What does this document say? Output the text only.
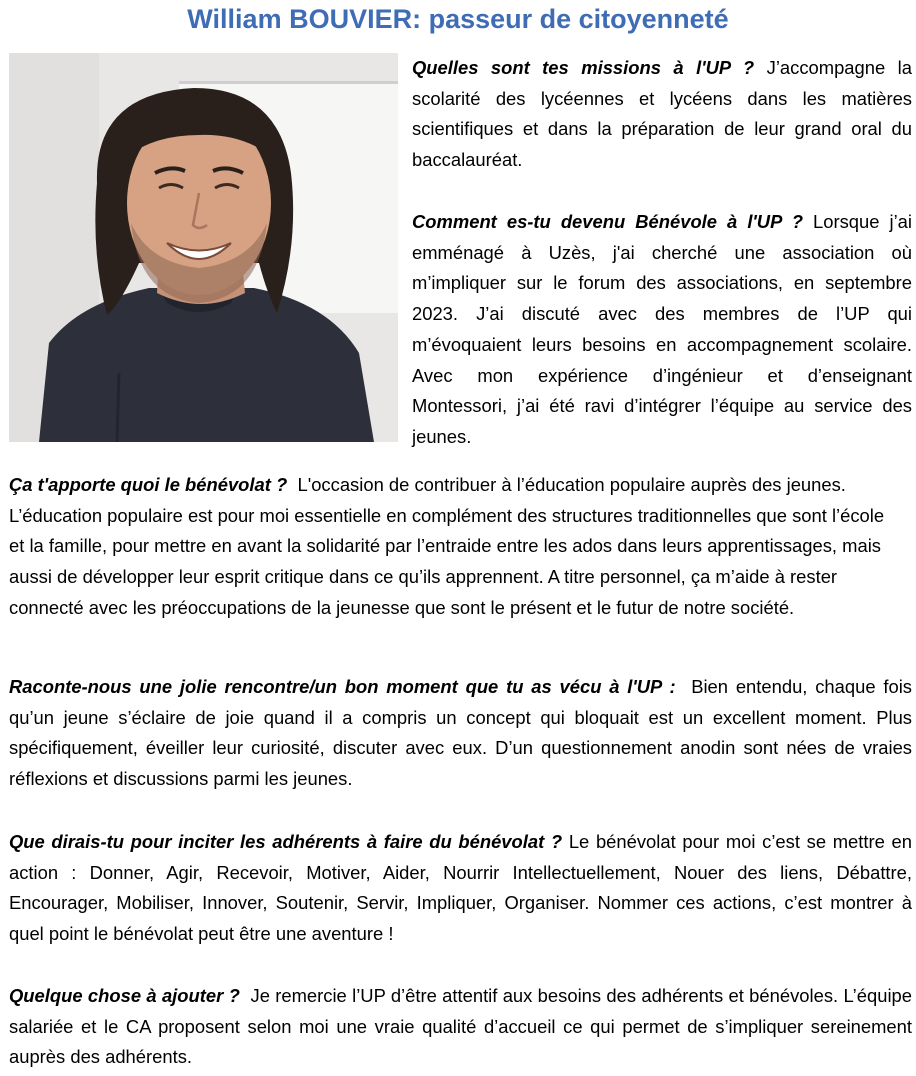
William BOUVIER: passeur de citoyenneté

Quelles sont tes missions à l'UP ? J’accompagne la scolarité des lycéennes et lycéens dans les matières scientifiques et dans la préparation de leur grand oral du baccalauréat.

Comment es-tu devenu Bénévole à l'UP ? Lorsque j’ai emménagé à Uzès, j'ai cherché une association où m’impliquer sur le forum des associations, en septembre 2023. J’ai discuté avec des membres de l’UP qui m’évoquaient leurs besoins en accompagnement scolaire. Avec mon expérience d’ingénieur et d’enseignant Montessori, j’ai été ravi d’intégrer l’équipe au service des jeunes.

Ça t'apporte quoi le bénévolat ? L'occasion de contribuer à l’éducation populaire auprès des jeunes. L’éducation populaire est pour moi essentielle en complément des structures traditionnelles que sont l’école et la famille, pour mettre en avant la solidarité par l’entraide entre les ados dans leurs apprentissages, mais aussi de développer leur esprit critique dans ce qu’ils apprennent. A titre personnel, ça m’aide à rester connecté avec les préoccupations de la jeunesse que sont le présent et le futur de notre société.

Raconte-nous une jolie rencontre/un bon moment que tu as vécu à l'UP : Bien entendu, chaque fois qu’un jeune s’éclaire de joie quand il a compris un concept qui bloquait est un excellent moment. Plus spécifiquement, éveiller leur curiosité, discuter avec eux. D’un questionnement anodin sont nées de vraies réflexions et discussions parmi les jeunes.

Que dirais-tu pour inciter les adhérents à faire du bénévolat ? Le bénévolat pour moi c’est se mettre en action : Donner, Agir, Recevoir, Motiver, Aider, Nourrir Intellectuellement, Nouer des liens, Débattre, Encourager, Mobiliser, Innover, Soutenir, Servir, Impliquer, Organiser. Nommer ces actions, c’est montrer à quel point le bénévolat peut être une aventure !

Quelque chose à ajouter ? Je remercie l’UP d’être attentif aux besoins des adhérents et bénévoles. L’équipe salariée et le CA proposent selon moi une vraie qualité d’accueil ce qui permet de s’impliquer sereinement auprès des adhérents.
